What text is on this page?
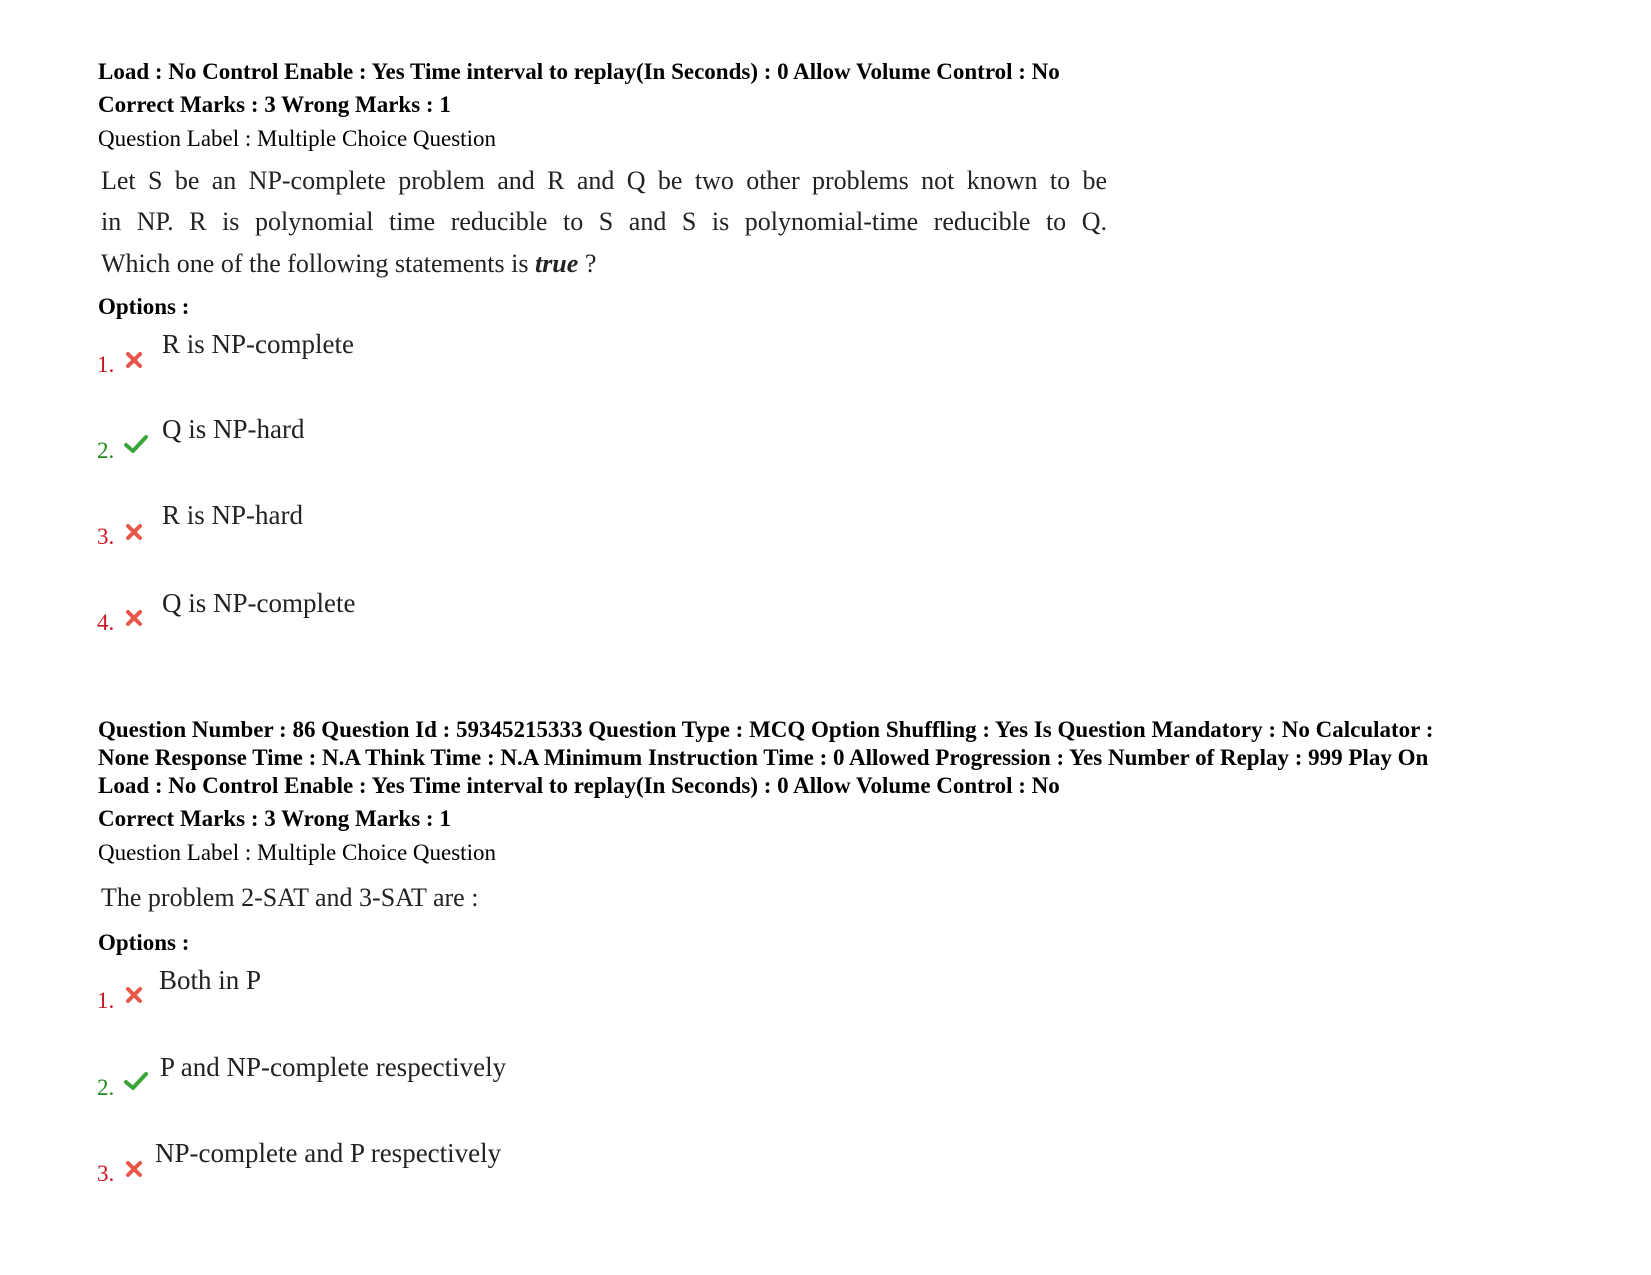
Load : No Control Enable : Yes Time interval to replay(In Seconds) : 0 Allow Volume Control : No
Correct Marks : 3 Wrong Marks : 1
Question Label : Multiple Choice Question
Let S be an NP-complete problem and R and Q be two other problems not known to be
in NP. R is polynomial time reducible to S and S is polynomial-time reducible to Q.
Which one of the following statements is true ?
Options :
1.
R is NP-complete
2.
Q is NP-hard
3.
R is NP-hard
4.
Q is NP-complete
Question Number : 86 Question Id : 59345215333 Question Type : MCQ Option Shuffling : Yes Is Question Mandatory : No Calculator :
None Response Time : N.A Think Time : N.A Minimum Instruction Time : 0 Allowed Progression : Yes Number of Replay : 999 Play On
Load : No Control Enable : Yes Time interval to replay(In Seconds) : 0 Allow Volume Control : No
Correct Marks : 3 Wrong Marks : 1
Question Label : Multiple Choice Question
The problem 2-SAT and 3-SAT are :
Options :
1.
Both in P
2.
P and NP-complete respectively
3.
NP-complete and P respectively
